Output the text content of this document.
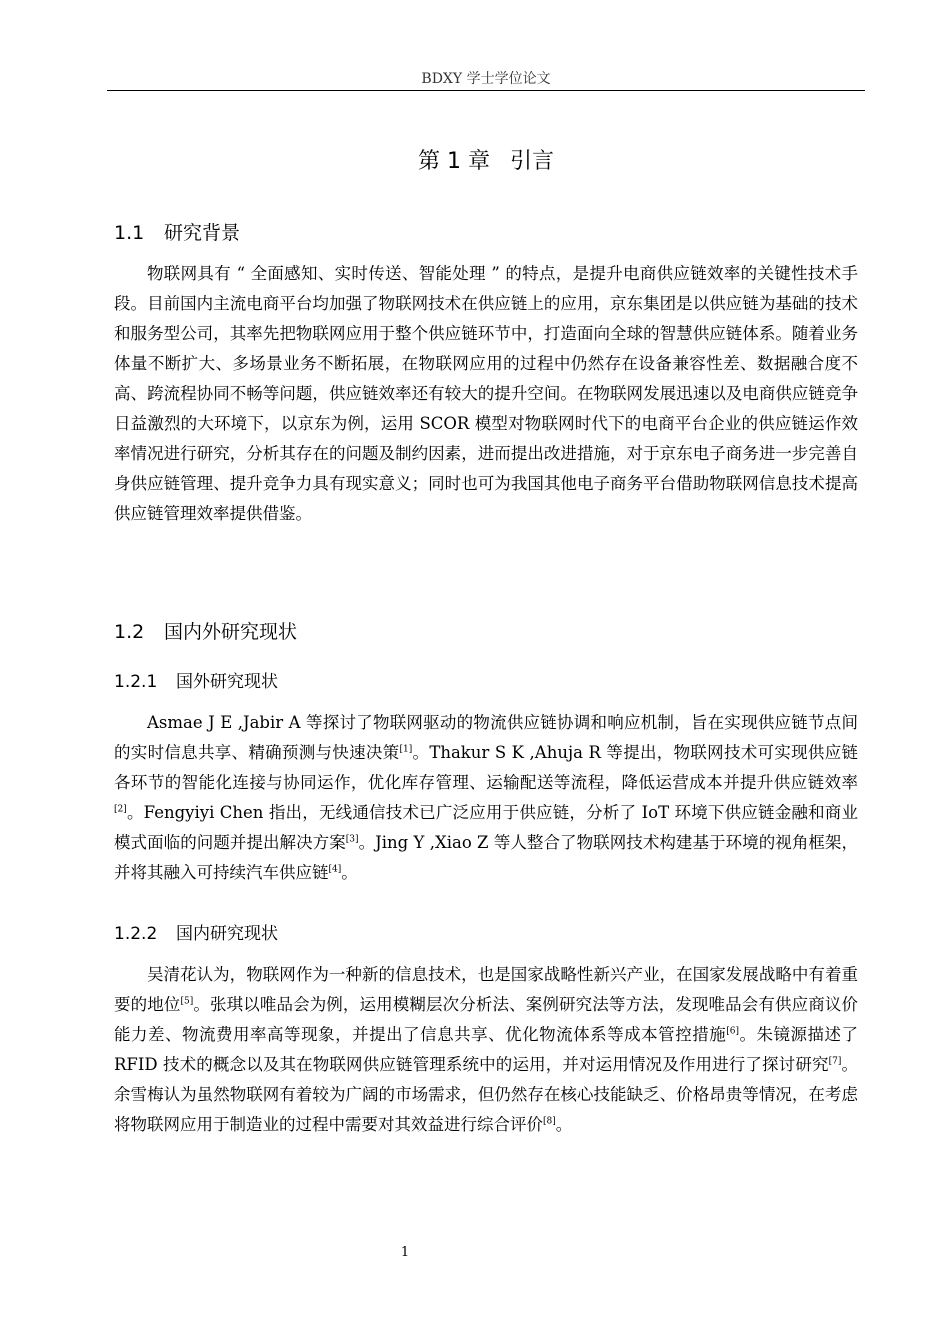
BDXY 学士学位论文
第 1 章 引言
1.1 研究背景

物联网具有 “ 全面感知、实时传送、智能处理 ” 的特点，是提升电商供应链效率的关键性技术手段。目前国内主流电商平台均加强了物联网技术在供应链上的应用，京东集团是以供应链为基础的技术和服务型公司，其率先把物联网应用于整个供应链环节中，打造面向全球的智慧供应链体系。随着业务体量不断扩大、多场景业务不断拓展，在物联网应用的过程中仍然存在设备兼容性差、数据融合度不高、跨流程协同不畅等问题，供应链效率还有较大的提升空间。在物联网发展迅速以及电商供应链竞争日益激烈的大环境下，以京东为例，运用 SCOR 模型对物联网时代下的电商平台企业的供应链运作效率情况进行研究，分析其存在的问题及制约因素，进而提出改进措施，对于京东电子商务进一步完善自身供应链管理、提升竞争力具有现实意义；同时也可为我国其他电子商务平台借助物联网信息技术提高供应链管理效率提供借鉴。

1.2 国内外研究现状
1.2.1 国外研究现状

Asmae J E ,Jabir A 等探讨了物联网驱动的物流供应链协调和响应机制，旨在实现供应链节点间的实时信息共享、精确预测与快速决策[1]。Thakur S K ,Ahuja R 等提出，物联网技术可实现供应链各环节的智能化连接与协同运作，优化库存管理、运输配送等流程，降低运营成本并提升供应链效率[2]。Fengyiyi Chen 指出，无线通信技术已广泛应用于供应链，分析了 IoT 环境下供应链金融和商业模式面临的问题并提出解决方案[3]。Jing Y ,Xiao Z 等人整合了物联网技术构建基于环境的视角框架，并将其融入可持续汽车供应链[4]。

1.2.2 国内研究现状

吴清花认为，物联网作为一种新的信息技术，也是国家战略性新兴产业，在国家发展战略中有着重要的地位[5]。张琪以唯品会为例，运用模糊层次分析法、案例研究法等方法，发现唯品会有供应商议价能力差、物流费用率高等现象，并提出了信息共享、优化物流体系等成本管控措施[6]。朱镜源描述了 RFID 技术的概念以及其在物联网供应链管理系统中的运用，并对运用情况及作用进行了探讨研究[7]。余雪梅认为虽然物联网有着较为广阔的市场需求，但仍然存在核心技能缺乏、价格昂贵等情况，在考虑将物联网应用于制造业的过程中需要对其效益进行综合评价[8]。

1
